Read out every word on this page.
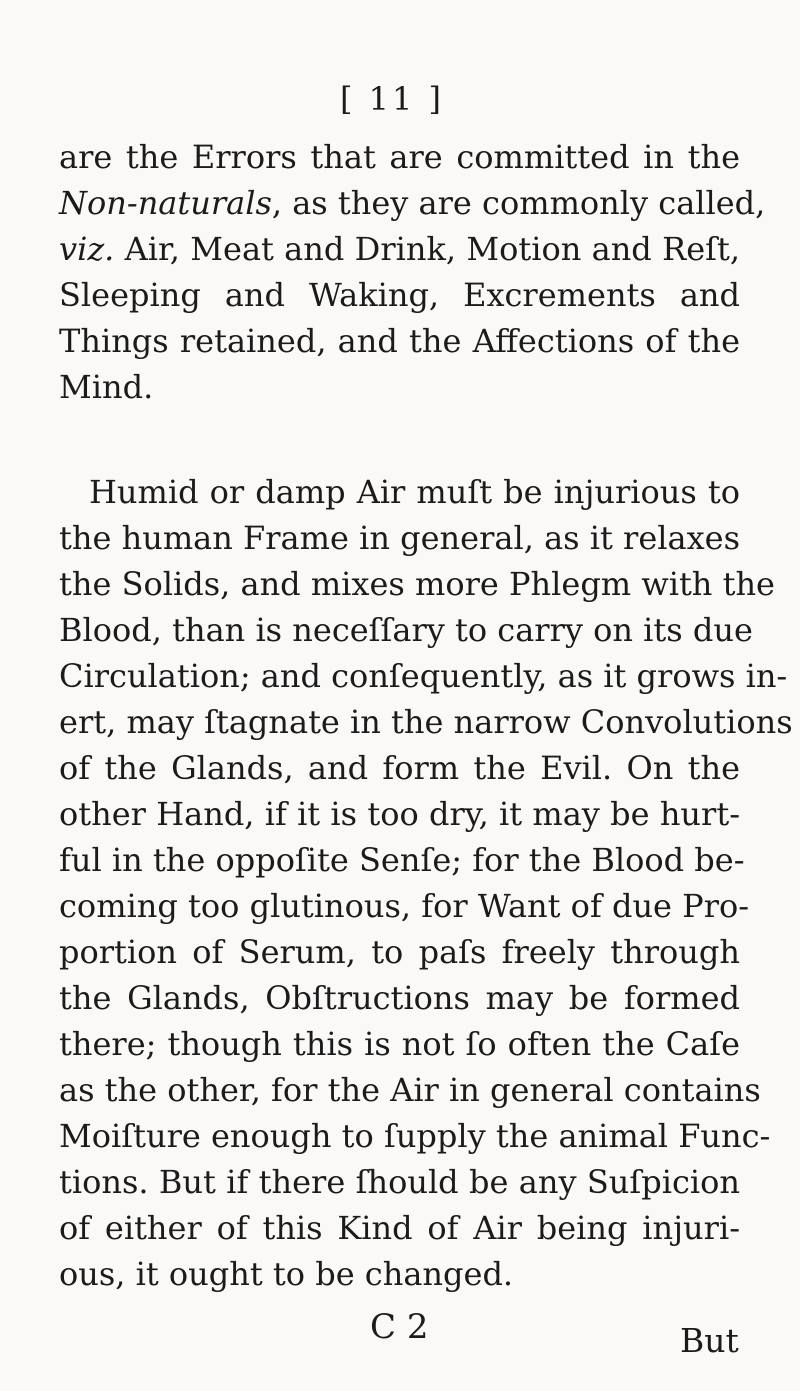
[ 11 ]
are the Errors that are committed in the
Non-naturals, as they are commonly called,
viz. Air, Meat and Drink, Motion and Reſt,
Sleeping and Waking, Excrements and
Things retained, and the Affections of the
Mind.
Humid or damp Air muſt be injurious to
the human Frame in general, as it relaxes
the Solids, and mixes more Phlegm with the
Blood, than is neceſſary to carry on its due
Circulation; and conſequently, as it grows in-
ert, may ſtagnate in the narrow Convolutions
of the Glands, and form the Evil. On the
other Hand, if it is too dry, it may be hurt-
ful in the oppoſite Senſe; for the Blood be-
coming too glutinous, for Want of due Pro-
portion of Serum, to paſs freely through
the Glands, Obſtructions may be formed
there; though this is not ſo often the Caſe
as the other, for the Air in general contains
Moiſture enough to ſupply the animal Func-
tions. But if there ſhould be any Suſpicion
of either of this Kind of Air being injuri-
ous, it ought to be changed.
C 2	But
